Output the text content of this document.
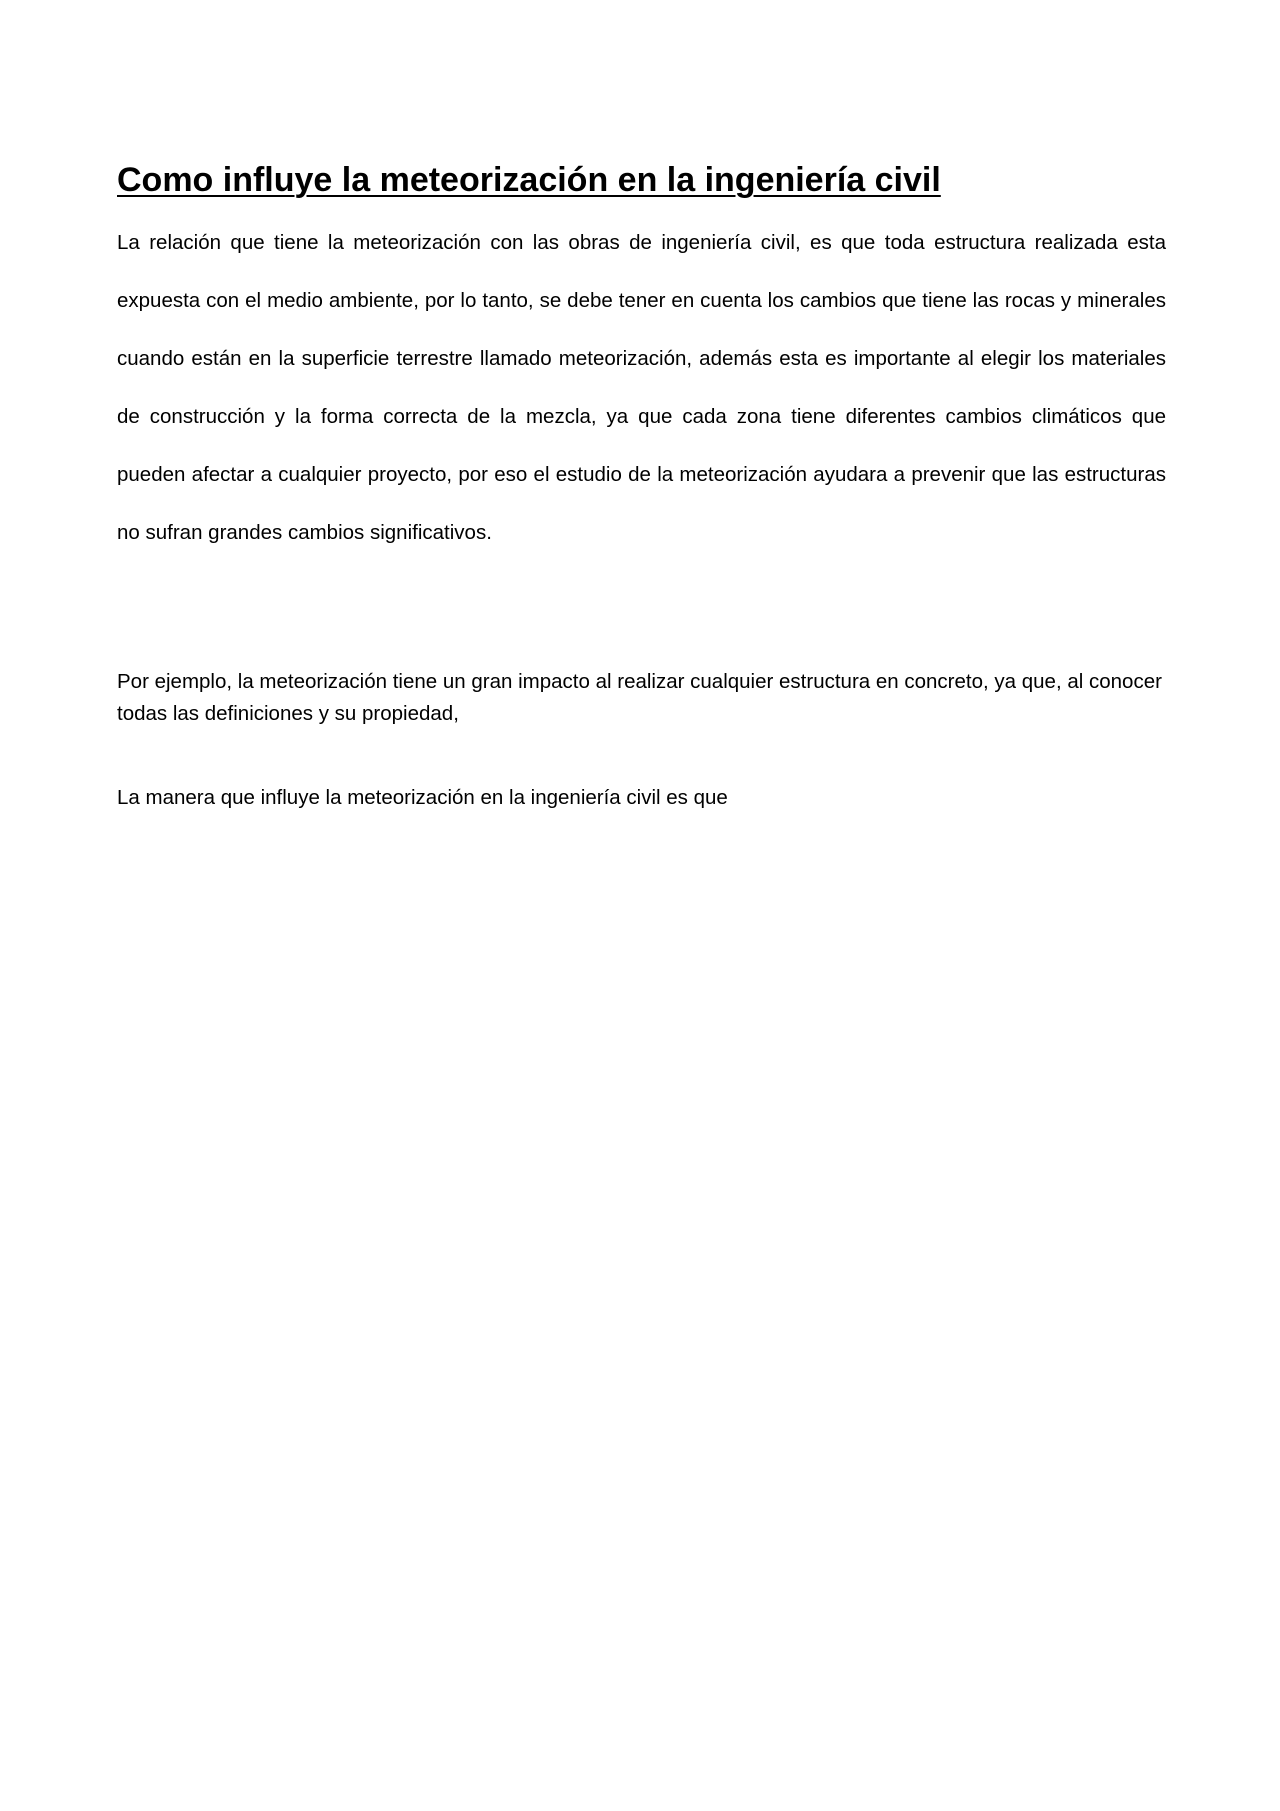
Como influye la meteorización en la ingeniería civil

La relación que tiene la meteorización con las obras de ingeniería civil, es que toda estructura realizada esta expuesta con el medio ambiente, por lo tanto, se debe tener en cuenta los cambios que tiene las rocas y minerales cuando están en la superficie terrestre llamado meteorización, además esta es importante al elegir los materiales de construcción y la forma correcta de la mezcla, ya que cada zona tiene diferentes cambios climáticos que pueden afectar a cualquier proyecto, por eso el estudio de la meteorización ayudara a prevenir que las estructuras no sufran grandes cambios significativos.

Por ejemplo, la meteorización tiene un gran impacto al realizar cualquier estructura en concreto, ya que, al conocer todas las definiciones y su propiedad,

La manera que influye la meteorización en la ingeniería civil es que
